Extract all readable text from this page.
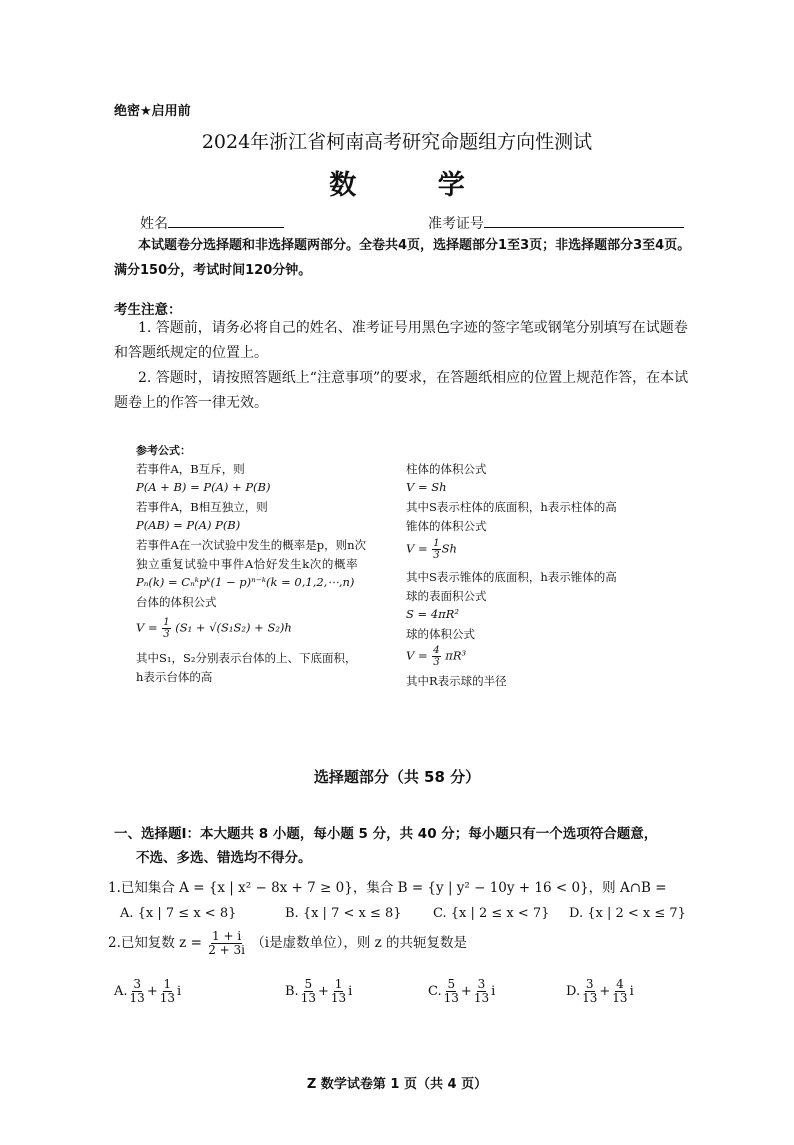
绝密★启用前
2024年浙江省柯南高考研究命题组方向性测试
数 学
姓名	准考证号
本试题卷分选择题和非选择题两部分。全卷共4页，选择题部分1至3页；非选择题部分3至4页。满分150分，考试时间120分钟。
考生注意：
1. 答题前，请务必将自己的姓名、准考证号用黑色字迹的签字笔或钢笔分别填写在试题卷和答题纸规定的位置上。
2. 答题时，请按照答题纸上“注意事项”的要求，在答题纸相应的位置上规范作答，在本试题卷上的作答一律无效。
参考公式：
若事件A，B互斥，则
P(A + B) = P(A) + P(B)
若事件A，B相互独立，则
P(AB) = P(A) P(B)
若事件A在一次试验中发生的概率是p，则n次
独立重复试验中事件A恰好发生k次的概率
Pₙ(k) = Cₙᵏpᵏ(1 − p)ⁿ⁻ᵏ(k = 0,1,2,⋯,n)
台体的体积公式
$V = \frac{1}{3} (S_1 + √(S_1S_2) + S_2)h$
其中S₁，S₂分别表示台体的上、下底面积，
h表示台体的高
柱体的体积公式
V = Sh
其中S表示柱体的底面积，h表示柱体的高
锥体的体积公式
$V = \frac{1}{3}$ Sh
其中S表示锥体的底面积，h表示锥体的高
球的表面积公式
S = 4πR²
球的体积公式
$V = \frac{4}{3} \pi R^3$
其中R表示球的半径
选择题部分（共 58 分）
一、选择题Ⅰ：本大题共 8 小题，每小题 5 分，共 40 分；每小题只有一个选项符合题意，
不选、多选、错选均不得分。
1.已知集合 A = {x | x² − 8x + 7 ≥ 0}，集合 B = {y | y² − 10y + 16 < 0}，则 A∩B =
A. {x | 7 ≤ x < 8}	B. {x | 7 < x ≤ 8} C. {x | 2 ≤ x < 7} D. {x | 2 < x ≤ 7}
2.已知复数 $z = \frac{1 + i}{2 + 3i} (i$是虚数单位），则 z 的共轭复数是
A. $\frac{3}{13} + \frac{1}{13}$ i	B. $\frac{5}{13} + \frac{1}{13}$ i	C. $\frac{5}{13} + \frac{3}{13}$ i	D. $\frac{3}{13} + \frac{4}{13}$ i
Z 数学试卷第 1 页（共 4 页）
